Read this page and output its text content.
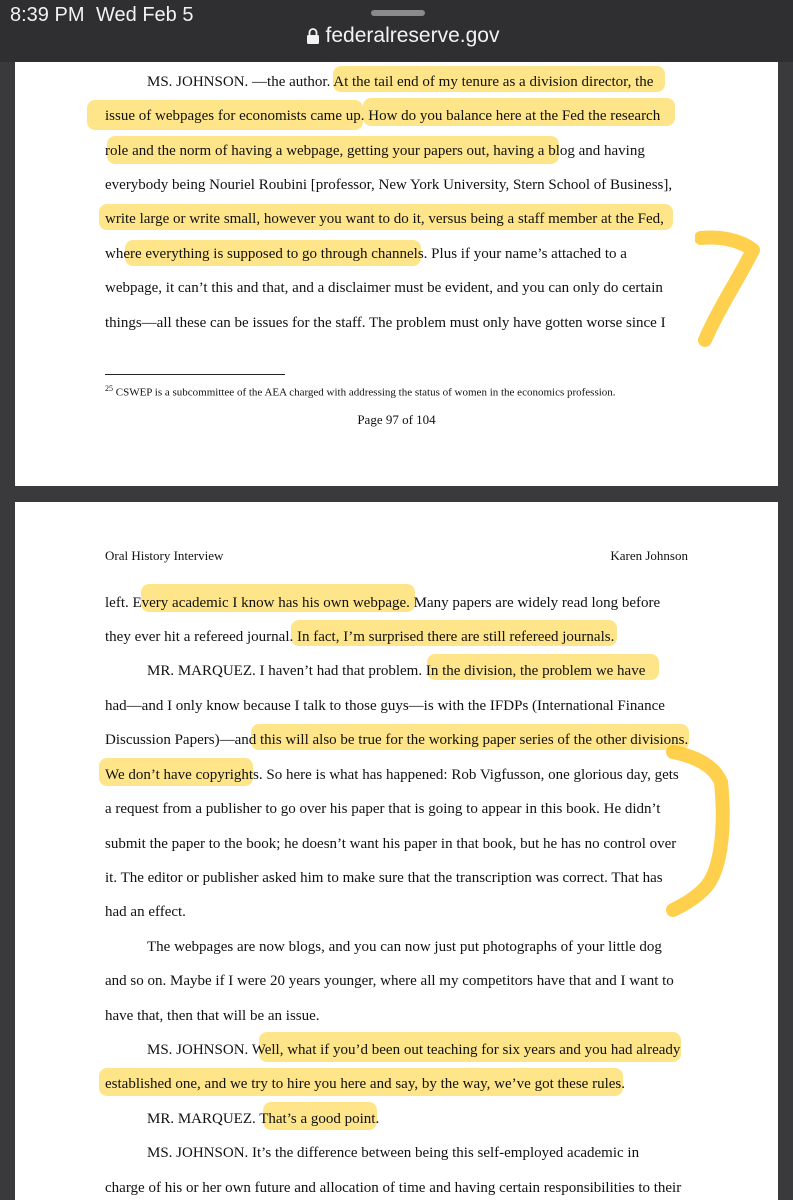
8:39 PM Wed Feb 5
federalreserve.gov
MS. JOHNSON. —the author. At the tail end of my tenure as a division director, the
issue of webpages for economists came up. How do you balance here at the Fed the research
role and the norm of having a webpage, getting your papers out, having a blog and having
everybody being Nouriel Roubini [professor, New York University, Stern School of Business],
write large or write small, however you want to do it, versus being a staff member at the Fed,
where everything is supposed to go through channels. Plus if your name’s attached to a
webpage, it can’t this and that, and a disclaimer must be evident, and you can only do certain
things—all these can be issues for the staff. The problem must only have gotten worse since I
$^{25}$ CSWEP is a subcommittee of the AEA charged with addressing the status of women in the economics profession.
Page 97 of 104
Oral History Interview	Karen Johnson
left. Every academic I know has his own webpage. Many papers are widely read long before
they ever hit a refereed journal. In fact, I’m surprised there are still refereed journals.
MR. MARQUEZ. I haven’t had that problem. In the division, the problem we have
had—and I only know because I talk to those guys—is with the IFDPs (International Finance
Discussion Papers)—and this will also be true for the working paper series of the other divisions.
We don’t have copyrights. So here is what has happened: Rob Vigfusson, one glorious day, gets
a request from a publisher to go over his paper that is going to appear in this book. He didn’t
submit the paper to the book; he doesn’t want his paper in that book, but he has no control over
it. The editor or publisher asked him to make sure that the transcription was correct. That has
had an effect.
The webpages are now blogs, and you can now just put photographs of your little dog
and so on. Maybe if I were 20 years younger, where all my competitors have that and I want to
have that, then that will be an issue.
MS. JOHNSON. Well, what if you’d been out teaching for six years and you had already
established one, and we try to hire you here and say, by the way, we’ve got these rules.
MR. MARQUEZ. That’s a good point.
MS. JOHNSON. It’s the difference between being this self-employed academic in
charge of his or her own future and allocation of time and having certain responsibilities to their
